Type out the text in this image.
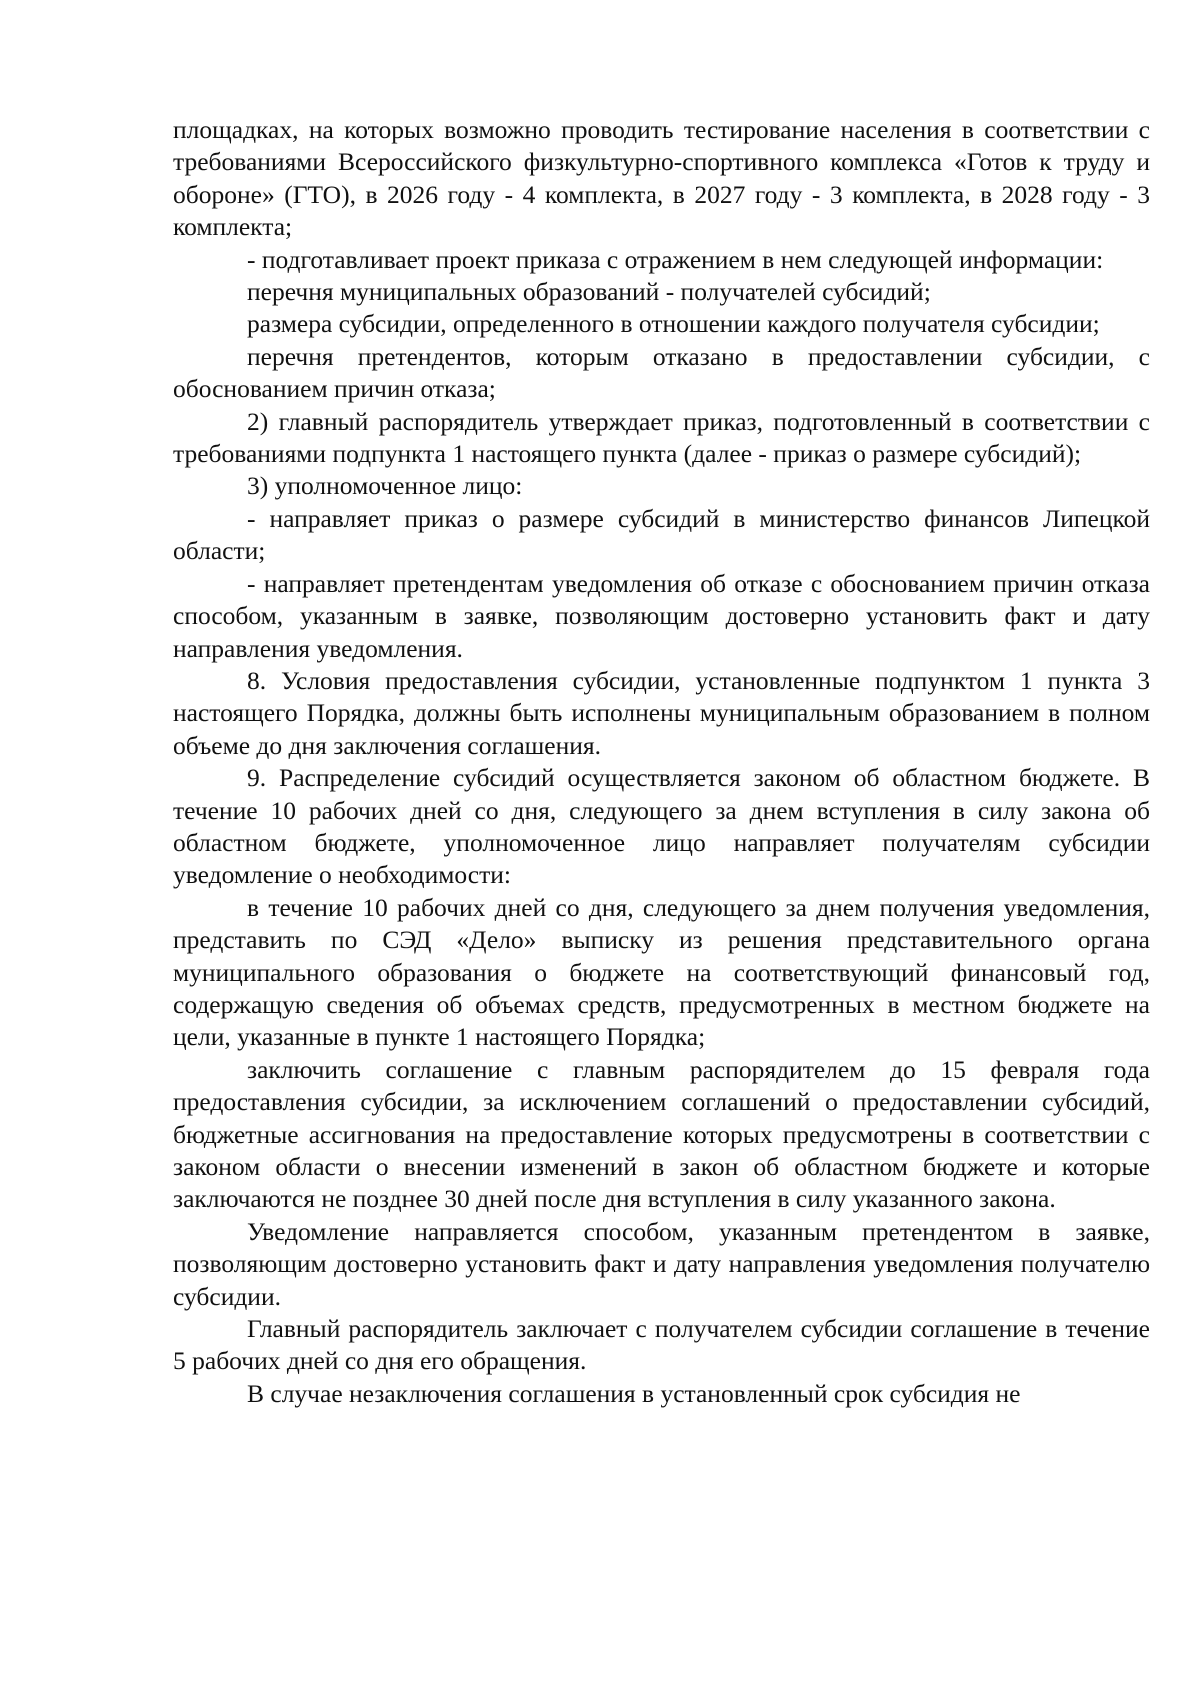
площадках, на которых возможно проводить тестирование населения в соответствии с требованиями Всероссийского физкультурно-спортивного комплекса «Готов к труду и обороне» (ГТО), в 2026 году - 4 комплекта, в 2027 году - 3 комплекта, в 2028 году - 3 комплекта;

- подготавливает проект приказа с отражением в нем следующей информации:

перечня муниципальных образований - получателей субсидий;

размера субсидии, определенного в отношении каждого получателя субсидии;

перечня претендентов, которым отказано в предоставлении субсидии, с обоснованием причин отказа;

2) главный распорядитель утверждает приказ, подготовленный в соответствии с требованиями подпункта 1 настоящего пункта (далее - приказ о размере субсидий);

3) уполномоченное лицо:

- направляет приказ о размере субсидий в министерство финансов Липецкой области;

- направляет претендентам уведомления об отказе с обоснованием причин отказа способом, указанным в заявке, позволяющим достоверно установить факт и дату направления уведомления.

8. Условия предоставления субсидии, установленные подпунктом 1 пункта 3 настоящего Порядка, должны быть исполнены муниципальным образованием в полном объеме до дня заключения соглашения.

9. Распределение субсидий осуществляется законом об областном бюджете. В течение 10 рабочих дней со дня, следующего за днем вступления в силу закона об областном бюджете, уполномоченное лицо направляет получателям субсидии уведомление о необходимости:

в течение 10 рабочих дней со дня, следующего за днем получения уведомления, представить по СЭД «Дело» выписку из решения представительного органа муниципального образования о бюджете на соответствующий финансовый год, содержащую сведения об объемах средств, предусмотренных в местном бюджете на цели, указанные в пункте 1 настоящего Порядка;

заключить соглашение с главным распорядителем до 15 февраля года предоставления субсидии, за исключением соглашений о предоставлении субсидий, бюджетные ассигнования на предоставление которых предусмотрены в соответствии с законом области о внесении изменений в закон об областном бюджете и которые заключаются не позднее 30 дней после дня вступления в силу указанного закона.

Уведомление направляется способом, указанным претендентом в заявке, позволяющим достоверно установить факт и дату направления уведомления получателю субсидии.

Главный распорядитель заключает с получателем субсидии соглашение в течение 5 рабочих дней со дня его обращения.

В случае незаключения соглашения в установленный срок субсидия не
